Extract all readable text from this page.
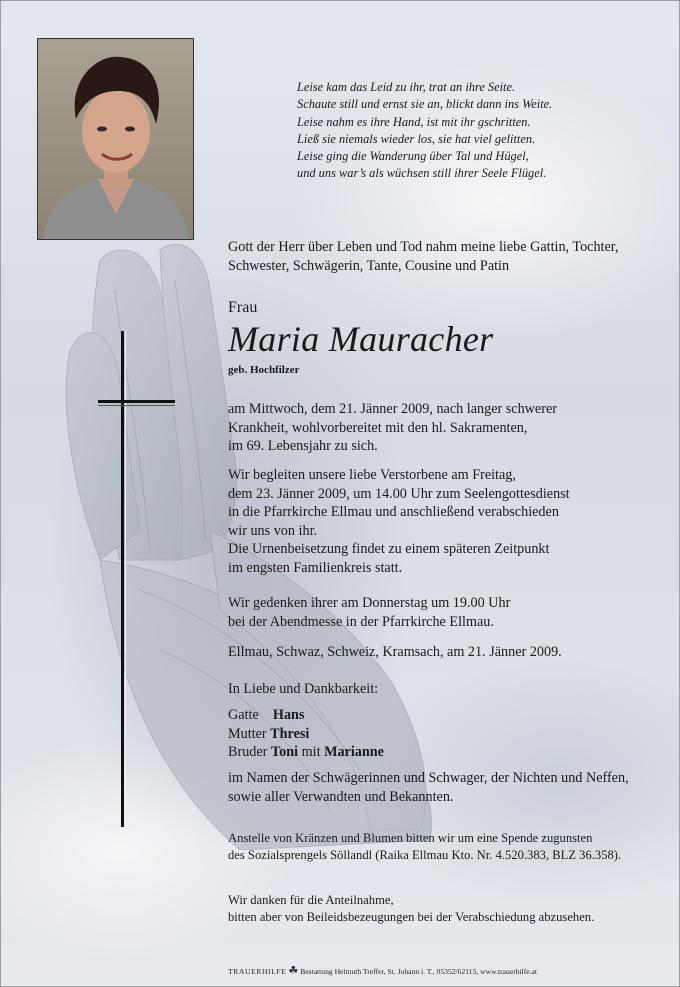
Leise kam das Leid zu ihr, trat an ihre Seite.
Schaute still und ernst sie an, blickt dann ins Weite.
Leise nahm es ihre Hand, ist mit ihr gschritten.
Ließ sie niemals wieder los, sie hat viel gelitten.
Leise ging die Wanderung über Tal und Hügel,
und uns war’s als wüchsen still ihrer Seele Flügel.
Gott der Herr über Leben und Tod nahm meine liebe Gattin, Tochter,
Schwester, Schwägerin, Tante, Cousine und Patin
Frau
Maria Mauracher
geb. Hochfilzer
am Mittwoch, dem 21. Jänner 2009, nach langer schwerer
Krankheit, wohlvorbereitet mit den hl. Sakramenten,
im 69. Lebensjahr zu sich.
Wir begleiten unsere liebe Verstorbene am Freitag,
dem 23. Jänner 2009, um 14.00 Uhr zum Seelengottesdienst
in die Pfarrkirche Ellmau und anschließend verabschieden
wir uns von ihr.
Die Urnenbeisetzung findet zu einem späteren Zeitpunkt
im engsten Familienkreis statt.
Wir gedenken ihrer am Donnerstag um 19.00 Uhr
bei der Abendmesse in der Pfarrkirche Ellmau.
Ellmau, Schwaz, Schweiz, Kramsach, am 21. Jänner 2009.
In Liebe und Dankbarkeit:
Gatte Hans
Mutter Thresi
Bruder Toni mit Marianne
im Namen der Schwägerinnen und Schwager, der Nichten und Neffen,
sowie aller Verwandten und Bekannten.
Anstelle von Kränzen und Blumen bitten wir um eine Spende zugunsten
des Sozialsprengels Söllandl (Raika Ellmau Kto. Nr. 4.520.383, BLZ 36.358).
Wir danken für die Anteilnahme,
bitten aber von Beileidsbezeugungen bei der Verabschiedung abzusehen.
TRAUERHILFE ☘ Bestattung Helmuth Treffer, St. Johann i. T., 05352/62115, www.trauerhilfe.at
